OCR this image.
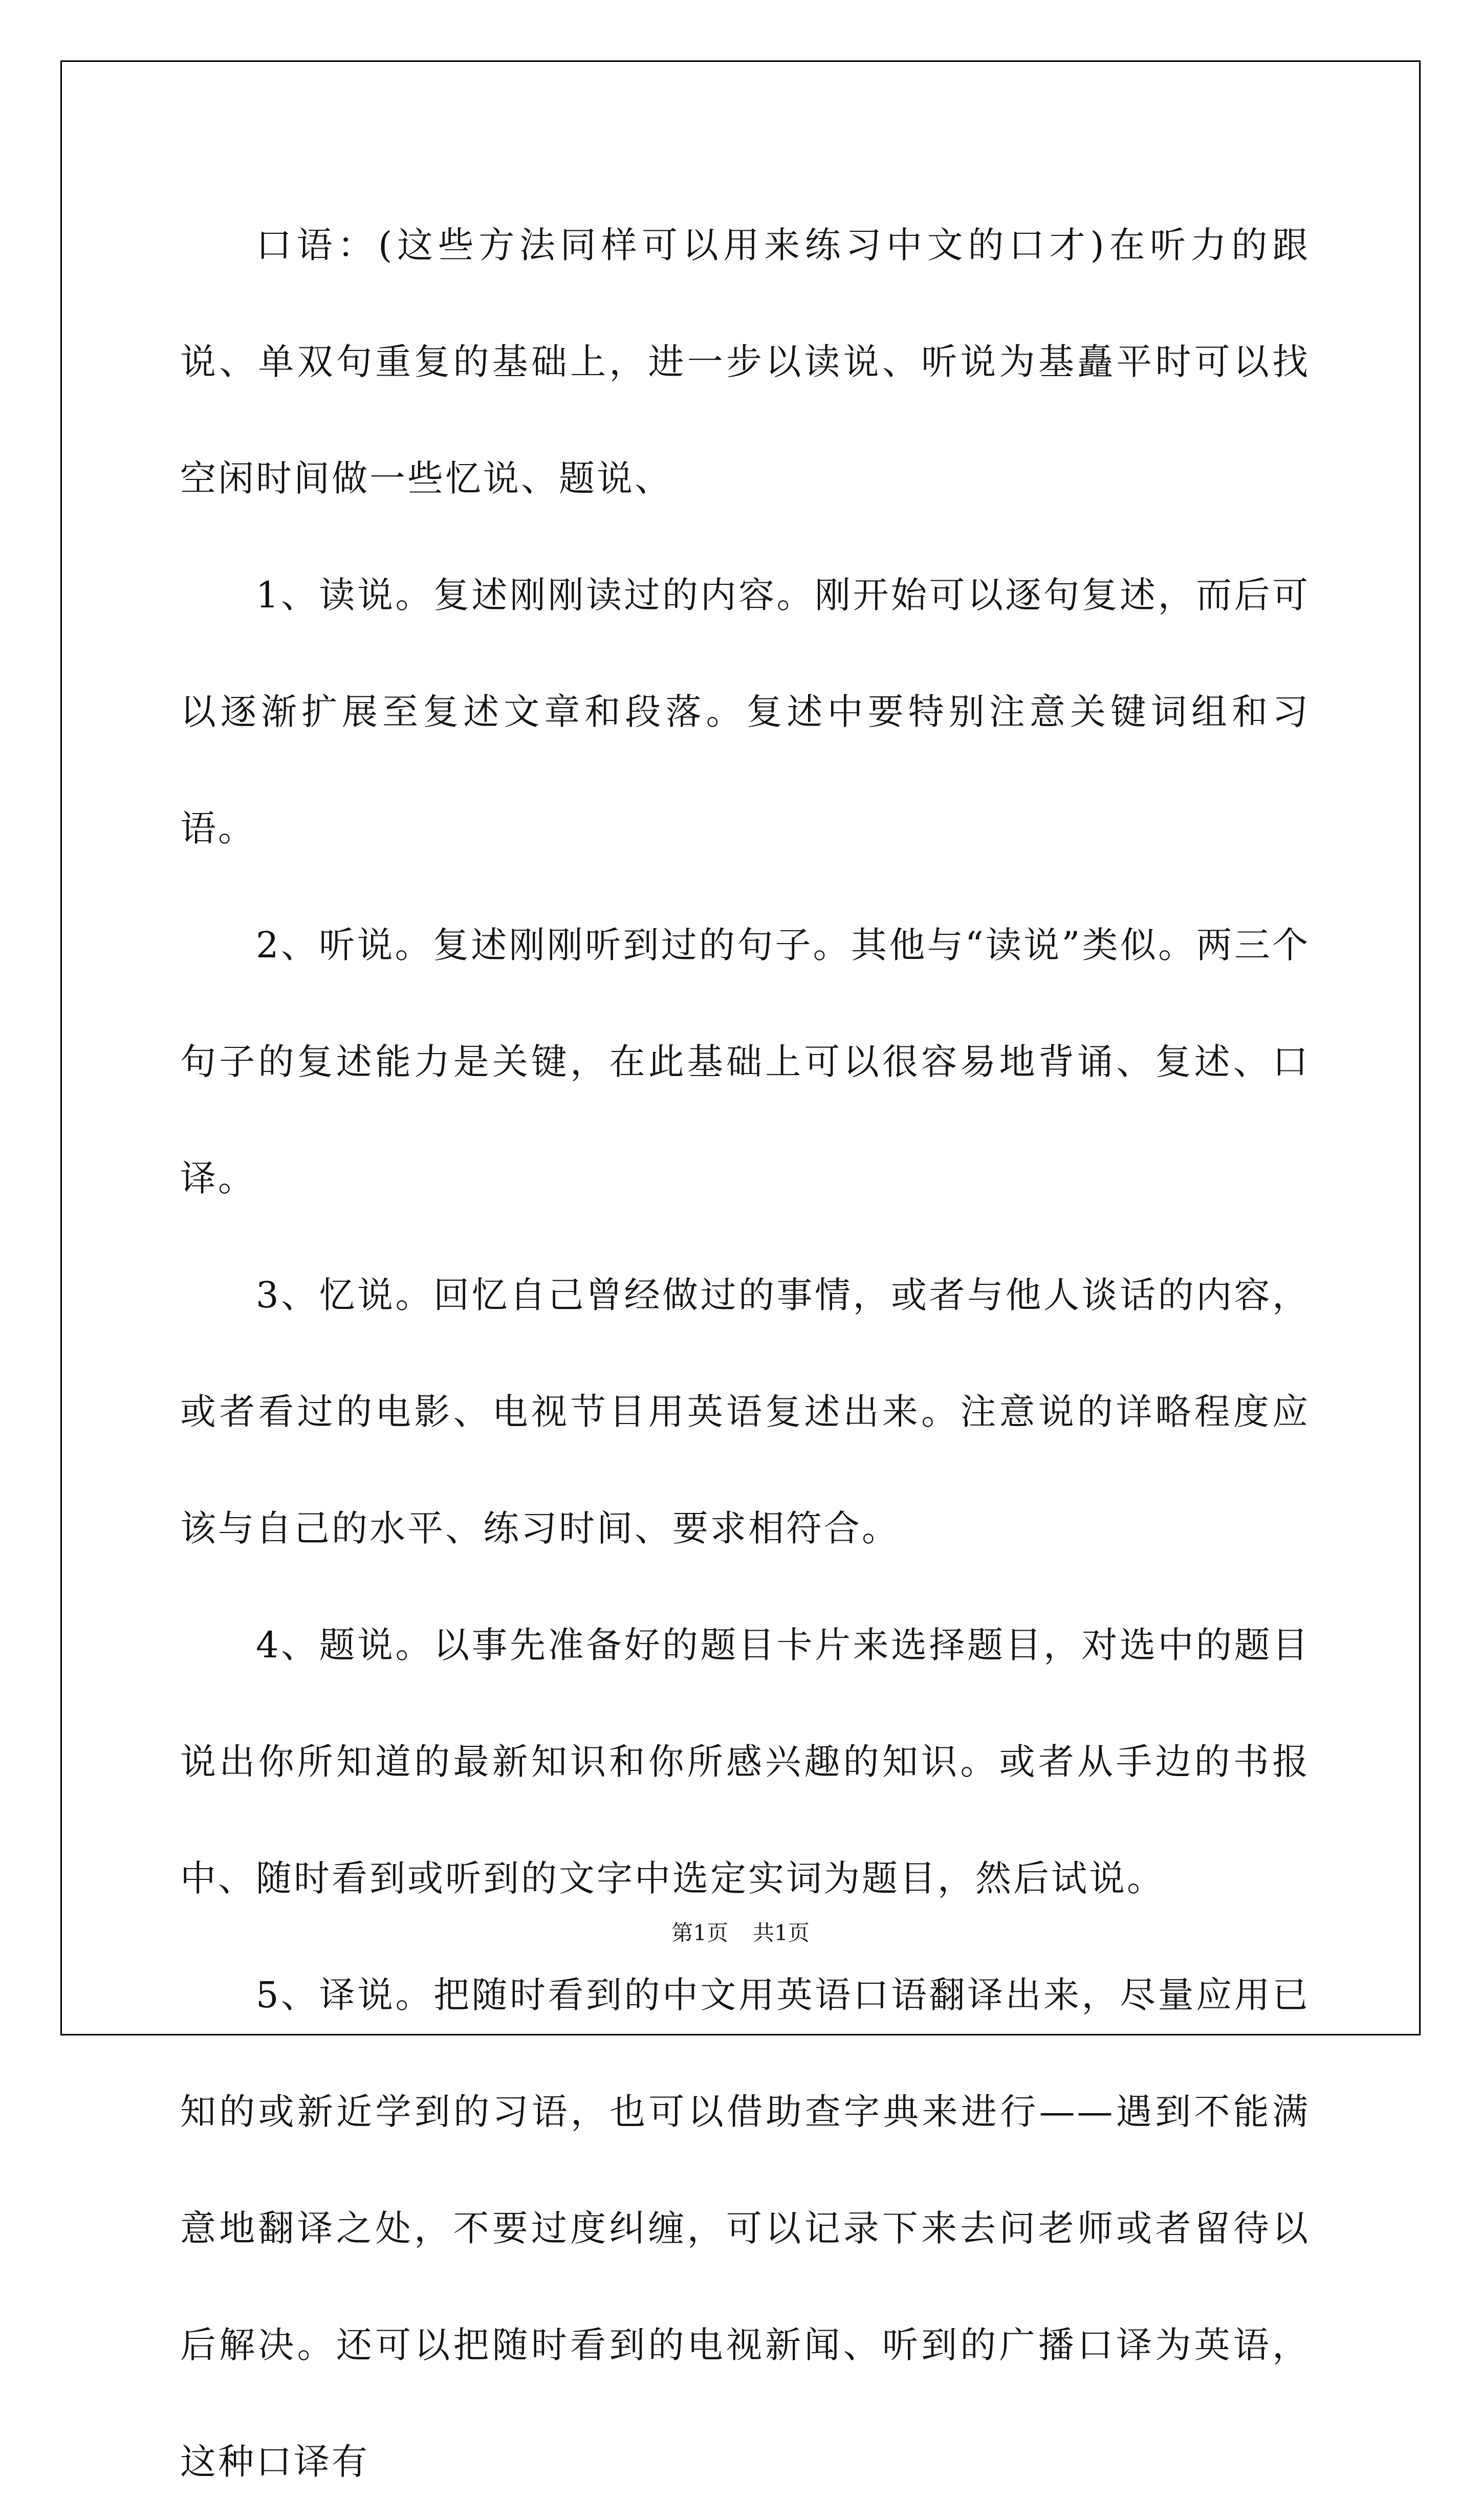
口语：(这些方法同样可以用来练习中文的口才)在听力的跟说、单双句重复的基础上，进一步以读说、听说为基矗平时可以找空闲时间做一些忆说、题说、

1、读说。复述刚刚读过的内容。刚开始可以逐句复述，而后可以逐渐扩展至复述文章和段落。复述中要特别注意关键词组和习语。

2、听说。复述刚刚听到过的句子。其他与“读说”类似。两三个句子的复述能力是关键，在此基础上可以很容易地背诵、复述、口译。

3、忆说。回忆自己曾经做过的事情，或者与他人谈话的内容，或者看过的电影、电视节目用英语复述出来。注意说的详略程度应该与自己的水平、练习时间、要求相符合。

4、题说。以事先准备好的题目卡片来选择题目，对选中的题目说出你所知道的最新知识和你所感兴趣的知识。或者从手边的书报中、随时看到或听到的文字中选定实词为题目，然后试说。

5、译说。把随时看到的中文用英语口语翻译出来，尽量应用已知的或新近学到的习语，也可以借助查字典来进行——遇到不能满意地翻译之处，不要过度纠缠，可以记录下来去问老师或者留待以后解决。还可以把随时看到的电视新闻、听到的广播口译为英语，这种口译有

第1页 共1页
